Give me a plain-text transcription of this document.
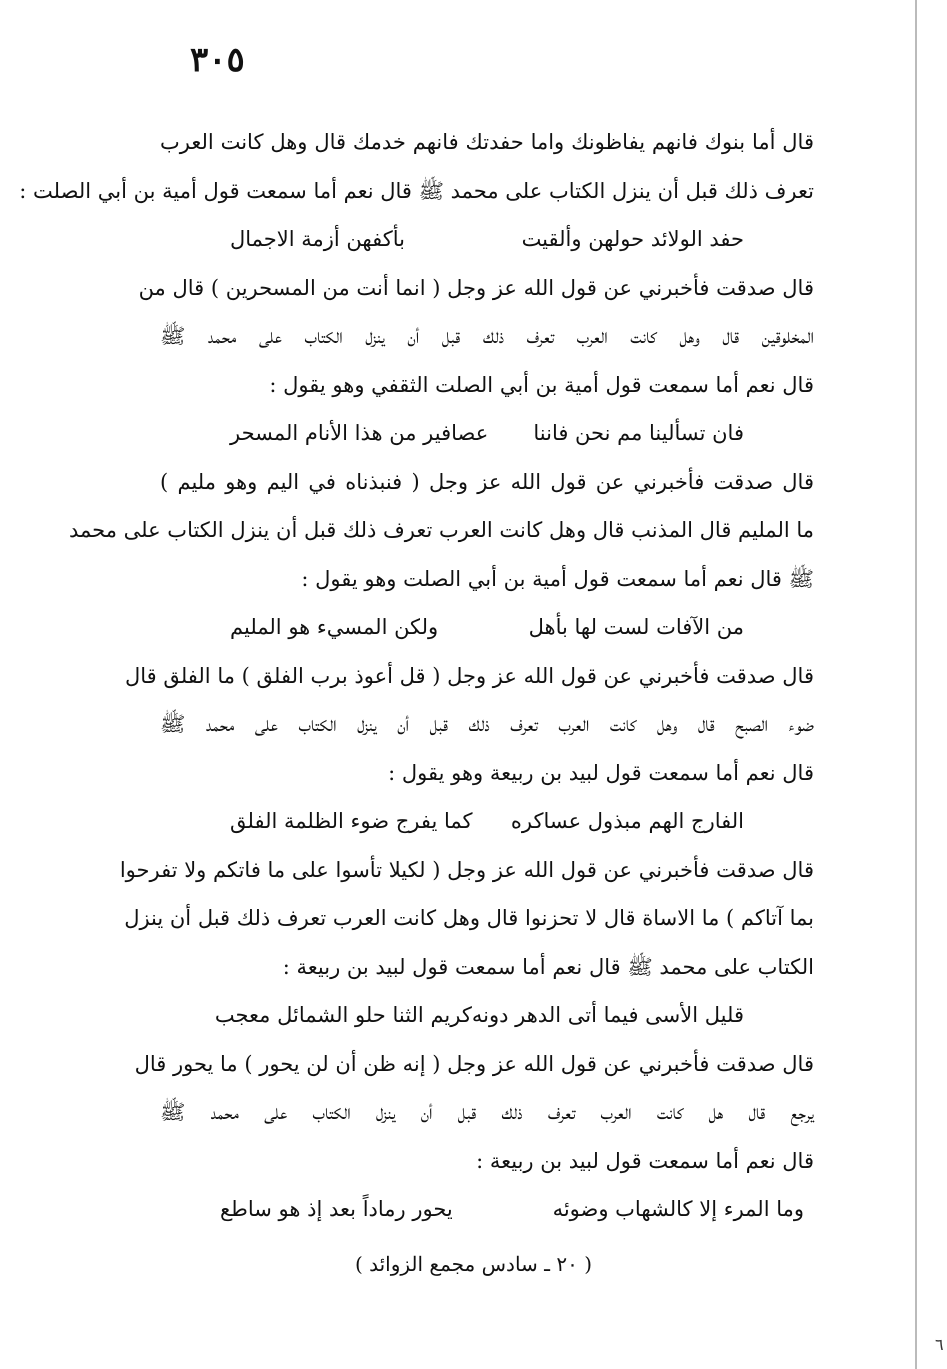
٣٠٥
قال أما بنوك فانهم يفاظونك واما حفدتك فانهم خدمك قال وهل كانت العرب
تعرف ذلك قبل أن ينزل الكتاب على محمد ﷺ قال نعم أما سمعت قول أمية بن أبي الصلت :
حفد الولائد حولهن وألقيت
بأكفهن أزمة الاجمال
قال صدقت فأخبرني عن قول الله عز وجل ( انما أنت من المسحرين ) قال من
المخلوقين قال وهل كانت العرب تعرف ذلك قبل أن ينزل الكتاب على محمد ﷺ
قال نعم أما سمعت قول أمية بن أبي الصلت الثقفي وهو يقول :
فان تسألينا مم نحن فاننا
عصافير من هذا الأنام المسحر
قال صدقت فأخبرني عن قول الله عز وجل ( فنبذناه في اليم وهو مليم )
ما المليم قال المذنب قال وهل كانت العرب تعرف ذلك قبل أن ينزل الكتاب على محمد
ﷺ قال نعم أما سمعت قول أمية بن أبي الصلت وهو يقول :
من الآفات لست لها بأهل
ولكن المسيء هو المليم
قال صدقت فأخبرني عن قول الله عز وجل ( قل أعوذ برب الفلق ) ما الفلق قال
ضوء الصبح قال وهل كانت العرب تعرف ذلك قبل أن ينزل الكتاب على محمد ﷺ
قال نعم أما سمعت قول لبيد بن ربيعة وهو يقول :
الفارج الهم مبذول عساكره
كما يفرج ضوء الظلمة الفلق
قال صدقت فأخبرني عن قول الله عز وجل ( لكيلا تأسوا على ما فاتكم ولا تفرحوا
بما آتاكم ) ما الاساة قال لا تحزنوا قال وهل كانت العرب تعرف ذلك قبل أن ينزل
الكتاب على محمد ﷺ قال نعم أما سمعت قول لبيد بن ربيعة :
قليل الأسى فيما أتى الدهر دونه
كريم الثنا حلو الشمائل معجب
قال صدقت فأخبرني عن قول الله عز وجل ( إنه ظن أن لن يحور ) ما يحور قال
يرجع قال هل كانت العرب تعرف ذلك قبل أن ينزل الكتاب على محمد ﷺ
قال نعم أما سمعت قول لبيد بن ربيعة :
وما المرء إلا كالشهاب وضوئه
يحور رماداً بعد إذ هو ساطع
( ٢٠ ـ سادس مجمع الزوائد )
٦
